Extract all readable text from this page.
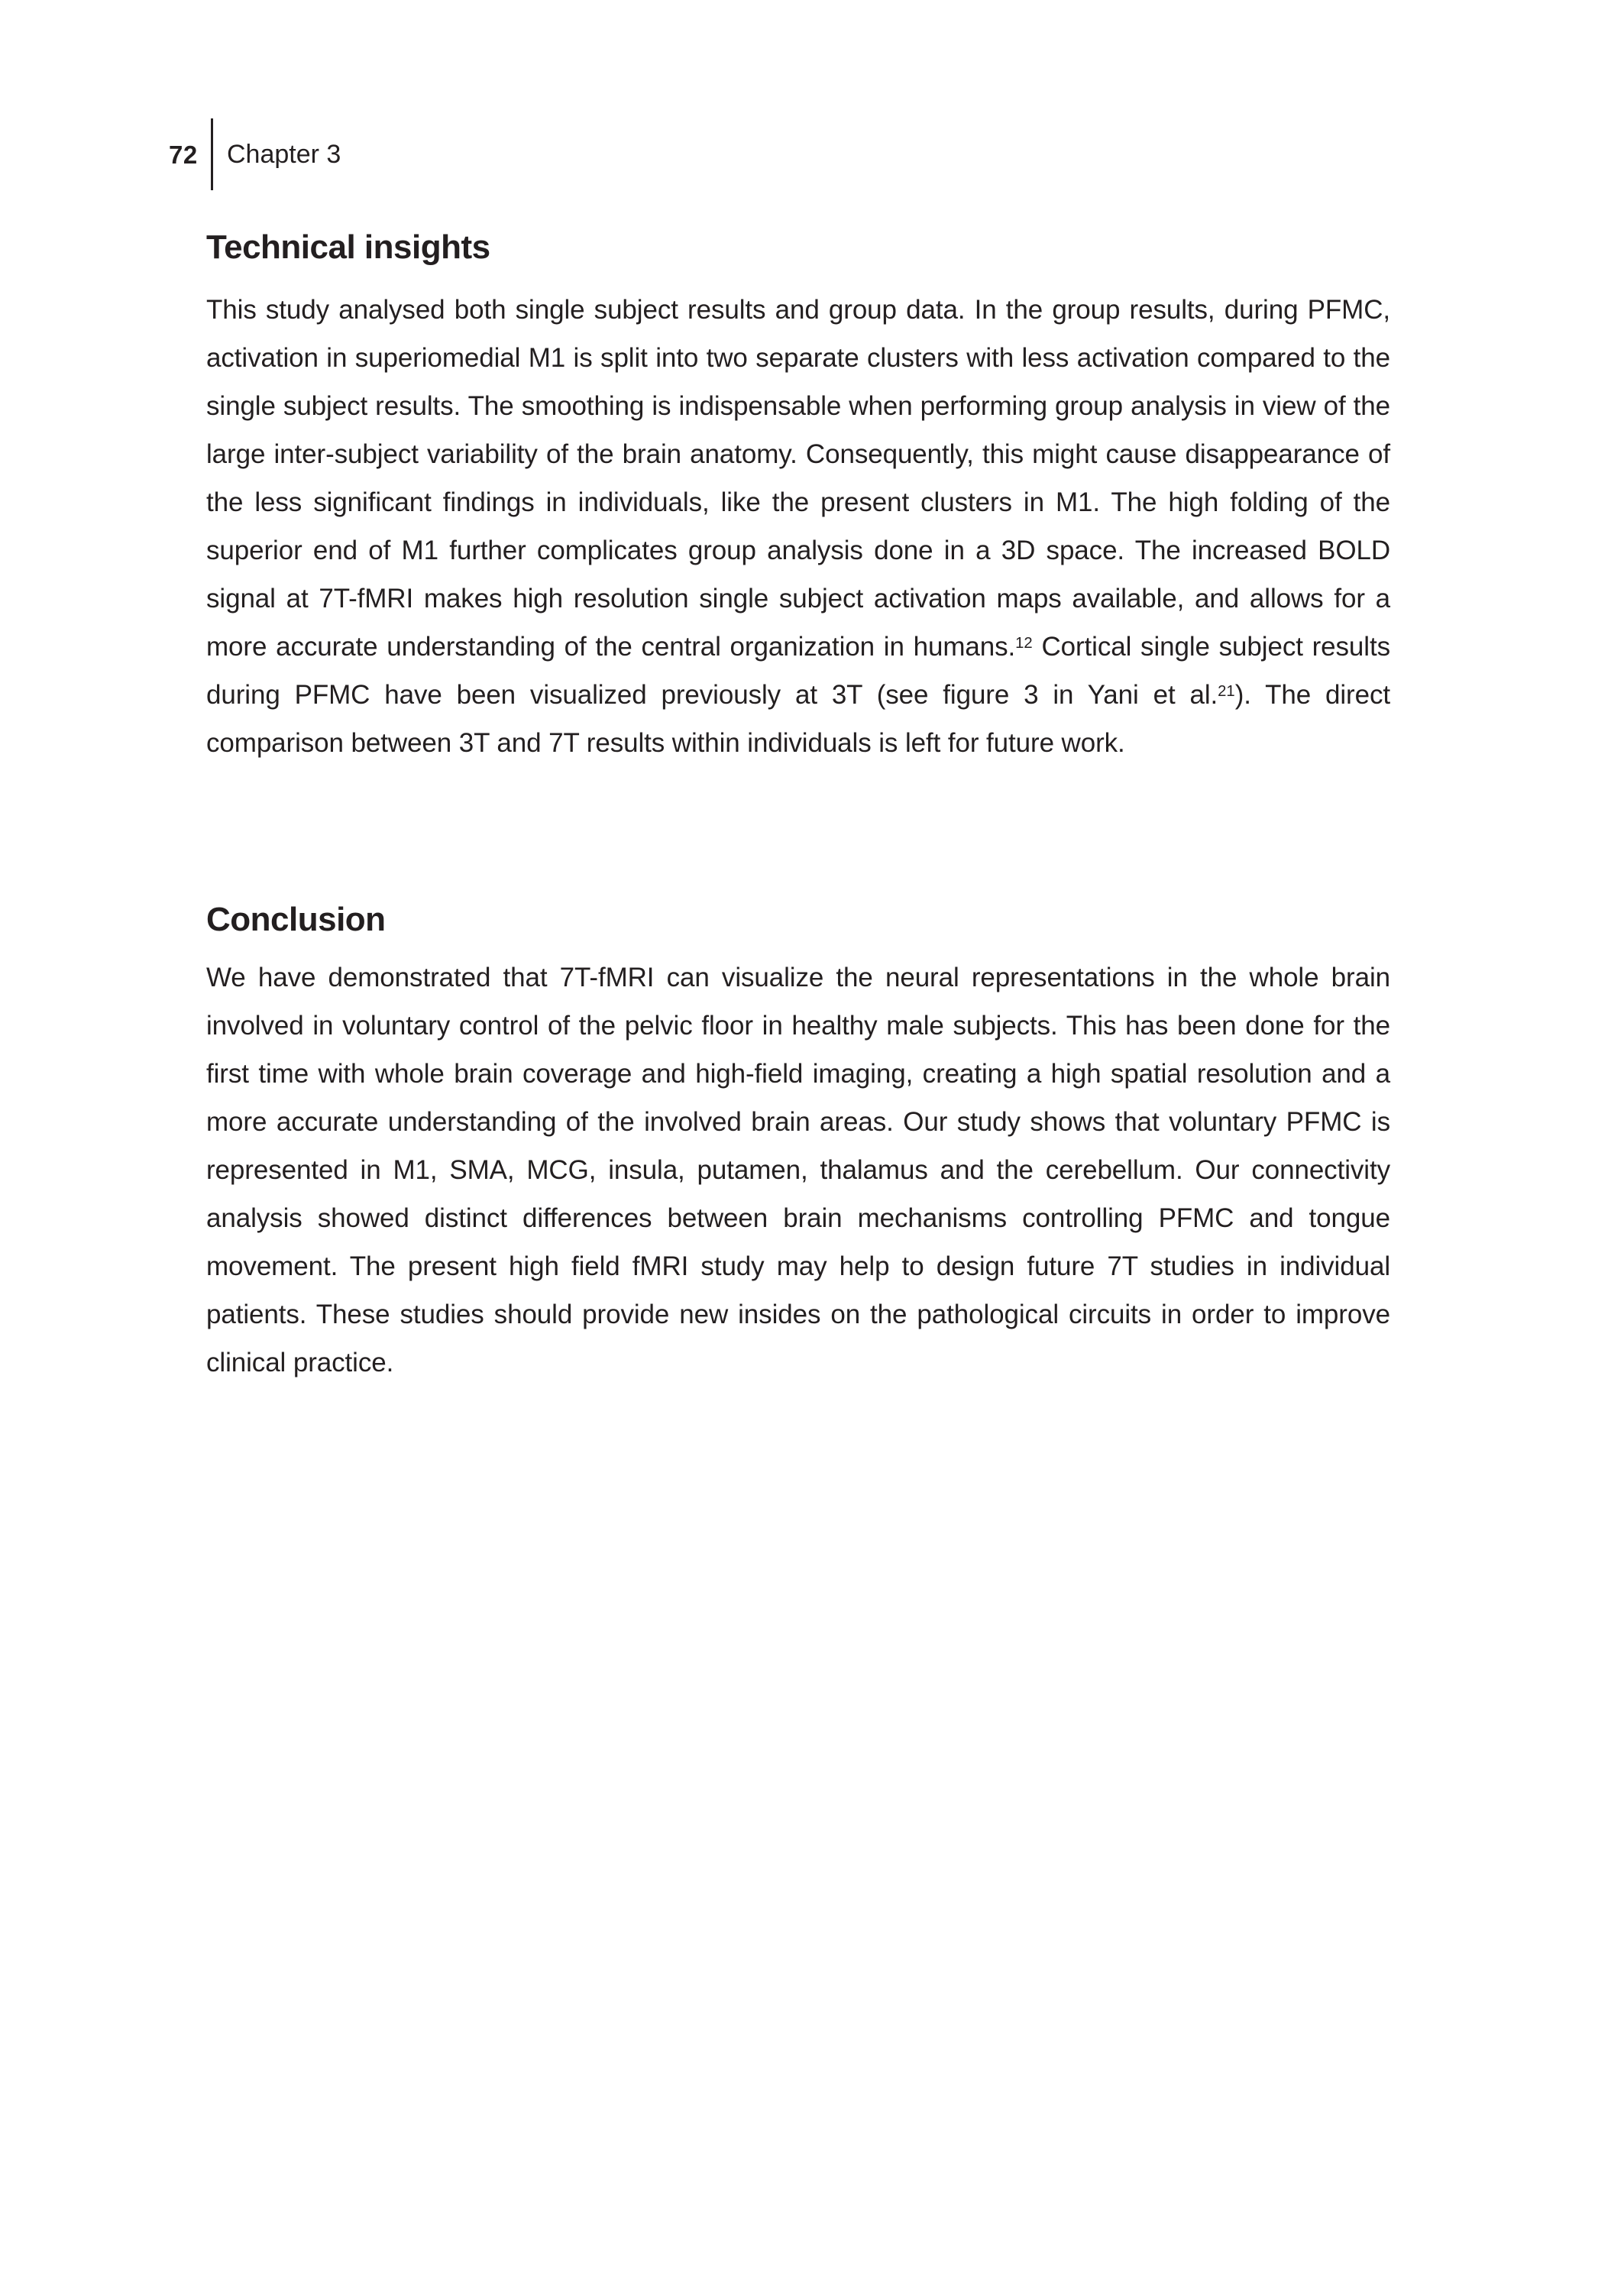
72 Chapter 3
Technical insights

This study analysed both single subject results and group data. In the group results, during PFMC, activation in superiomedial M1 is split into two separate clusters with less activation compared to the single subject results. The smoothing is indispensable when performing group analysis in view of the large inter-subject variability of the brain anatomy. Consequently, this might cause disappearance of the less significant findings in individuals, like the present clusters in M1. The high folding of the superior end of M1 further complicates group analysis done in a 3D space. The increased BOLD signal at 7T-fMRI makes high resolution single subject activation maps available, and allows for a more accurate understanding of the central organization in humans.$^{12}$ Cortical single subject results during PFMC have been visualized previously at 3T (see figure 3 in Yani et al.$^{21}$). The direct comparison between 3T and 7T results within individuals is left for future work.

Conclusion

We have demonstrated that 7T-fMRI can visualize the neural representations in the whole brain involved in voluntary control of the pelvic floor in healthy male subjects. This has been done for the first time with whole brain coverage and high-field imaging, creating a high spatial resolution and a more accurate understanding of the involved brain areas. Our study shows that voluntary PFMC is represented in M1, SMA, MCG, insula, putamen, thalamus and the cerebellum. Our connectivity analysis showed distinct differences between brain mechanisms controlling PFMC and tongue movement. The present high field fMRI study may help to design future 7T studies in individual patients. These studies should provide new insides on the pathological circuits in order to improve clinical practice.
